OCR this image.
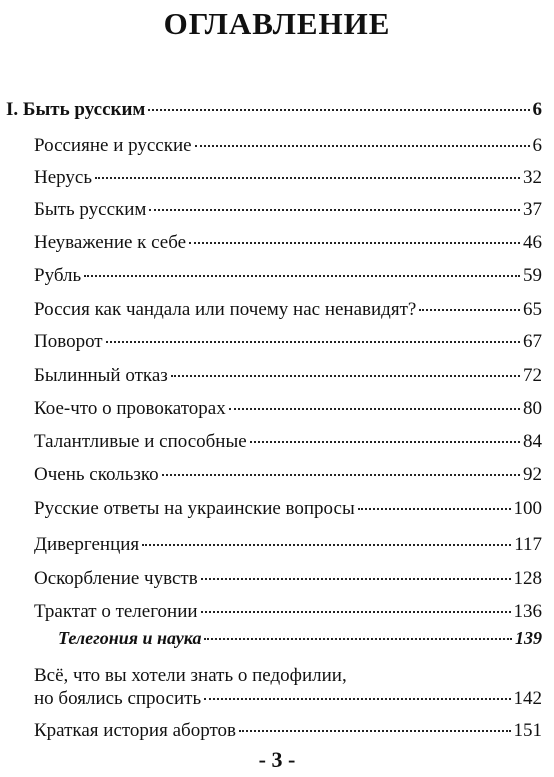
ОГЛАВЛЕНИЕ
I. Быть русским	6
Россияне и русские	6
Нерусь	32
Быть русским	37
Неуважение к себе	46
Рубль	59
Россия как чандала или почему нас ненавидят?	65
Поворот	67
Былинный отказ	72
Кое-что о провокаторах	80
Талантливые и способные	84
Очень скользко	92
Русские ответы на украинские вопросы	100
Дивергенция	117
Оскорбление чувств	128
Трактат о телегонии	136
Телегония и наука	139
Всё, что вы хотели знать о педофилии,
но боялись спросить	142
Краткая история абортов	151
- 3 -
